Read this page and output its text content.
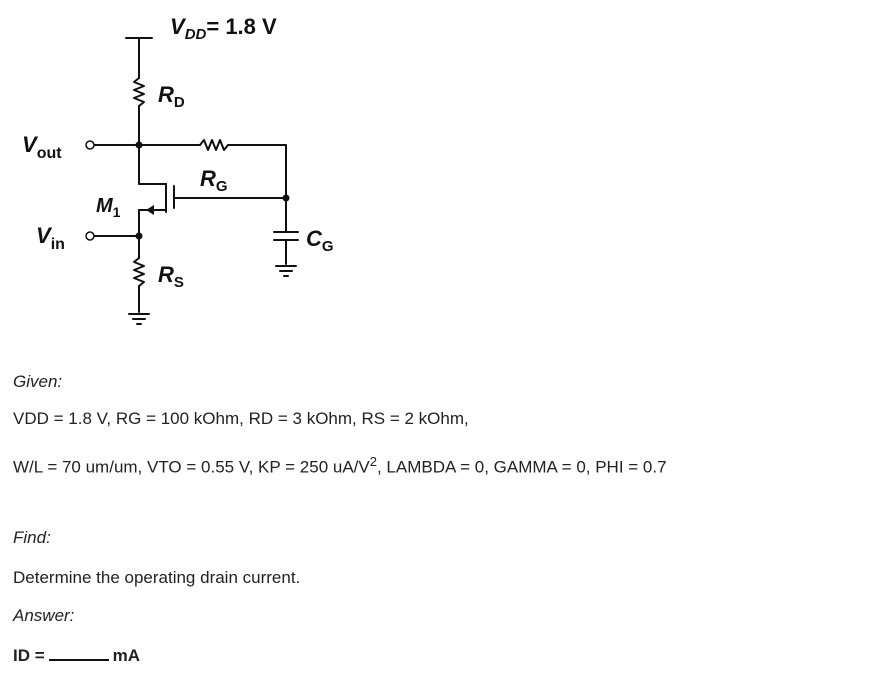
$V_{DD}= 1.8$ V
$R_D$
$R_G$
$R_S$
$C_G$
$M_1$
$V_{out}$
$V_{in}$
Given:
VDD = 1.8 V, RG = 100 kOhm, RD = 3 kOhm, RS = 2 kOhm,
W/L = 70 um/um, VTO = 0.55 V, KP = 250 $uA/V^2$, LAMBDA = 0, GAMMA = 0, PHI = 0.7
Find:
Determine the operating drain current.
Answer:
ID =	mA
